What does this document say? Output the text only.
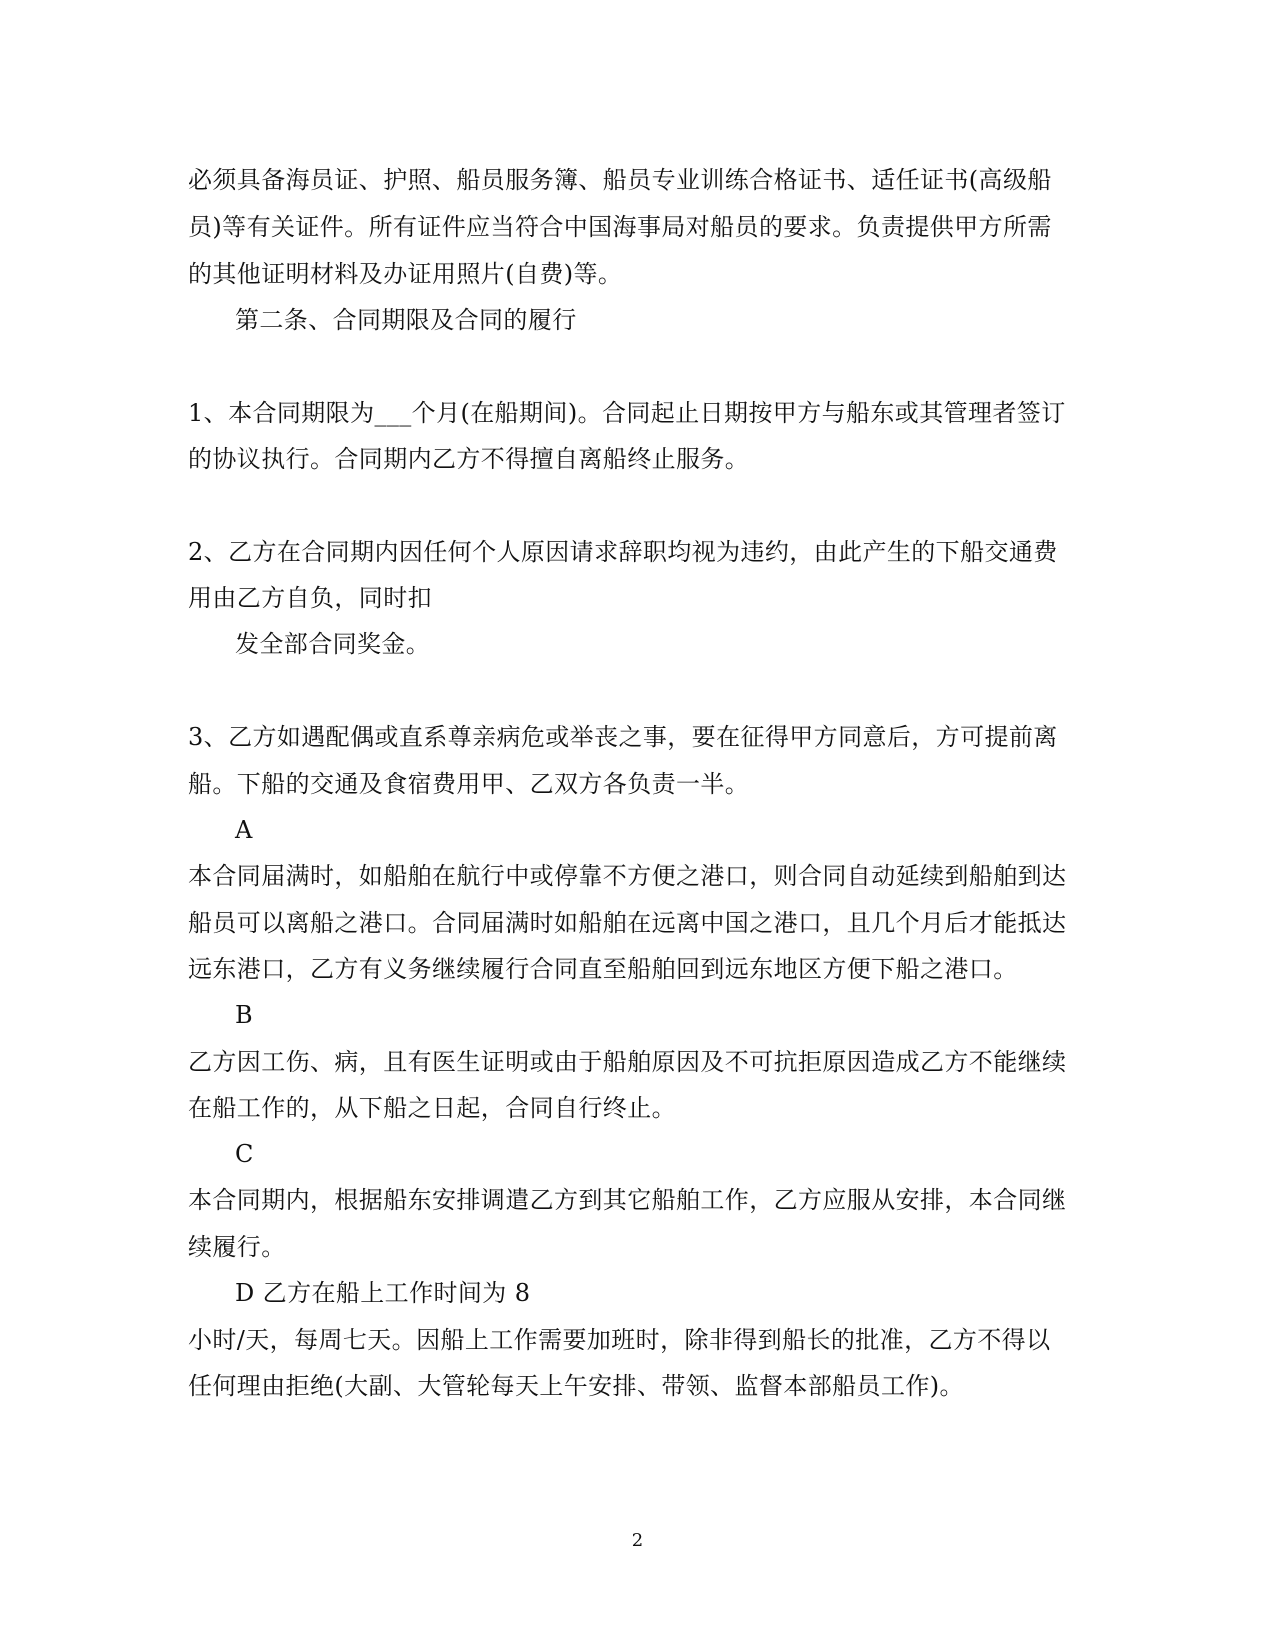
必须具备海员证、护照、船员服务簿、船员专业训练合格证书、适任证书(高级船
员)等有关证件。所有证件应当符合中国海事局对船员的要求。负责提供甲方所需
的其他证明材料及办证用照片(自费)等。
第二条、合同期限及合同的履行
1、本合同期限为___个月(在船期间)。合同起止日期按甲方与船东或其管理者签订
的协议执行。合同期内乙方不得擅自离船终止服务。
2、乙方在合同期内因任何个人原因请求辞职均视为违约，由此产生的下船交通费
用由乙方自负，同时扣
发全部合同奖金。
3、乙方如遇配偶或直系尊亲病危或举丧之事，要在征得甲方同意后，方可提前离
船。下船的交通及食宿费用甲、乙双方各负责一半。
A
本合同届满时，如船舶在航行中或停靠不方便之港口，则合同自动延续到船舶到达
船员可以离船之港口。合同届满时如船舶在远离中国之港口，且几个月后才能抵达
远东港口，乙方有义务继续履行合同直至船舶回到远东地区方便下船之港口。
B
乙方因工伤、病，且有医生证明或由于船舶原因及不可抗拒原因造成乙方不能继续
在船工作的，从下船之日起，合同自行终止。
C
本合同期内，根据船东安排调遣乙方到其它船舶工作，乙方应服从安排，本合同继
续履行。
D 乙方在船上工作时间为 8
小时/天，每周七天。因船上工作需要加班时，除非得到船长的批准，乙方不得以
任何理由拒绝(大副、大管轮每天上午安排、带领、监督本部船员工作)。
2
